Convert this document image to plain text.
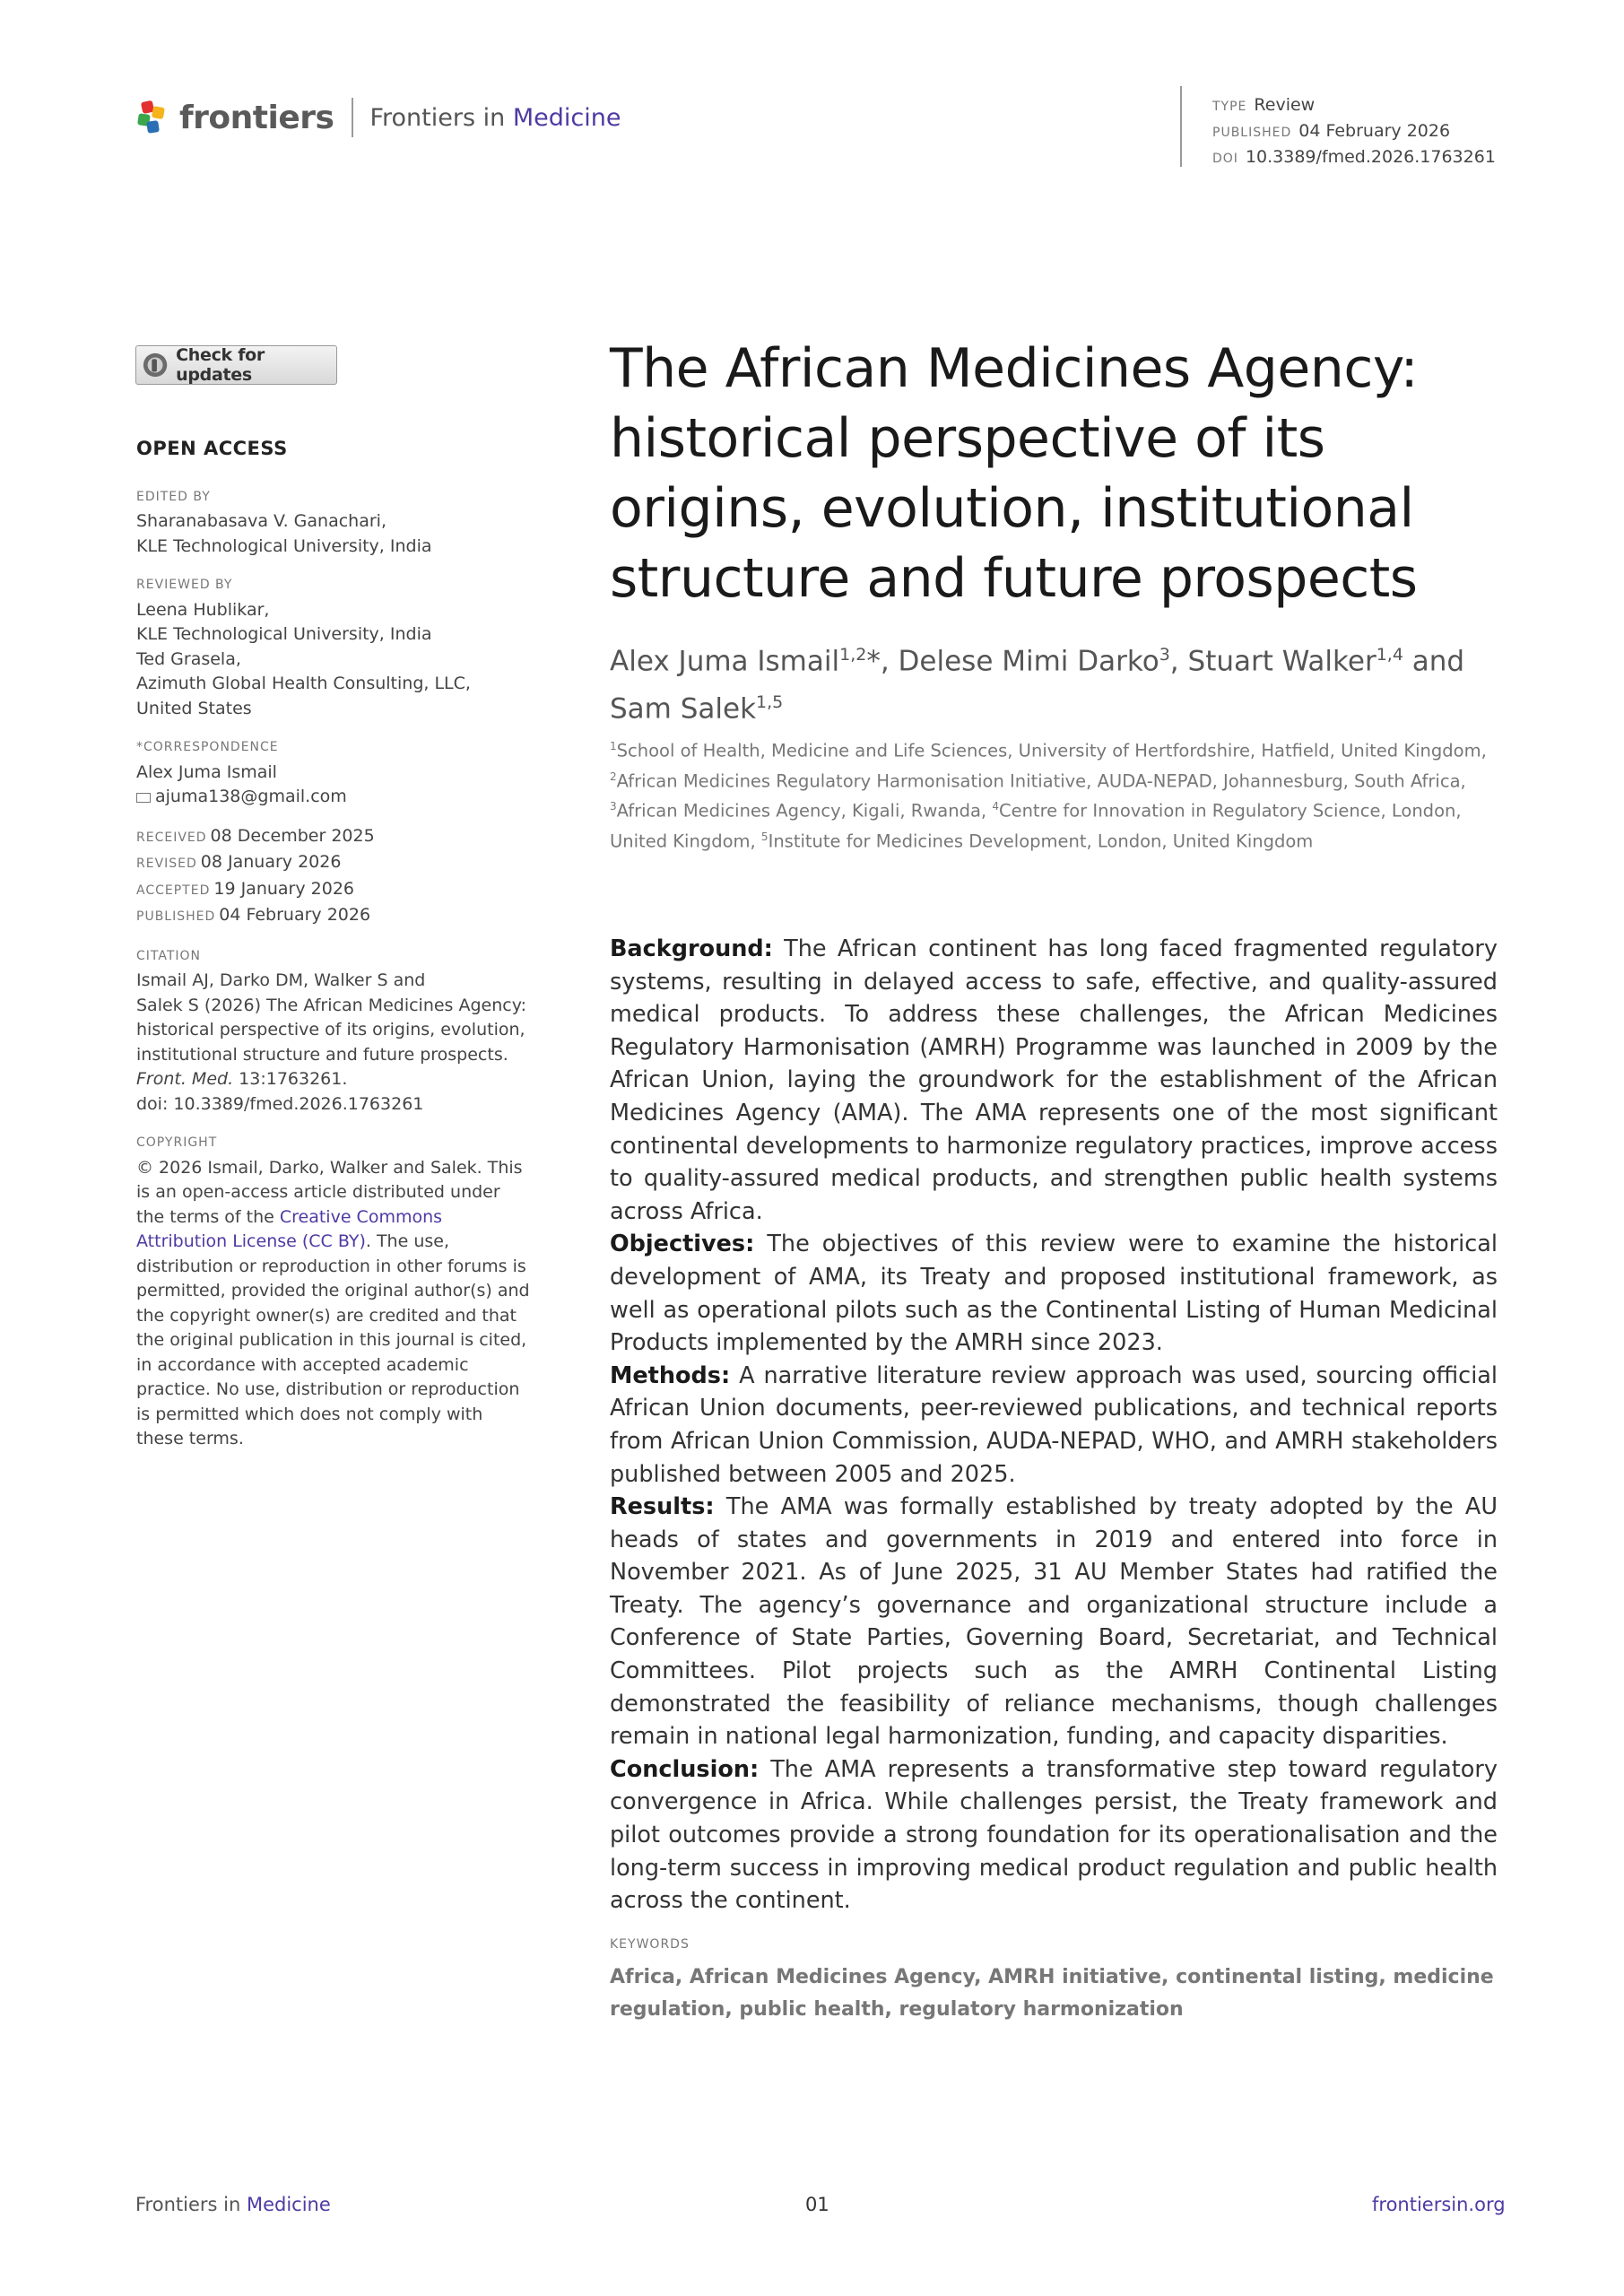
frontiers Frontiers in Medicine	TYPE Review
PUBLISHED 04 February 2026
DOI 10.3389/fmed.2026.1763261
Check for updates
OPEN ACCESS
EDITED BY
Sharanabasava V. Ganachari,
KLE Technological University, India
REVIEWED BY
Leena Hublikar,
KLE Technological University, India
Ted Grasela,
Azimuth Global Health Consulting, LLC,
United States
*CORRESPONDENCE
Alex Juma Ismail
ajuma138@gmail.com
RECEIVED 08 December 2025
REVISED 08 January 2026
ACCEPTED 19 January 2026
PUBLISHED 04 February 2026
CITATION
Ismail AJ, Darko DM, Walker S and
Salek S (2026) The African Medicines Agency:
historical perspective of its origins, evolution,
institutional structure and future prospects.
Front. Med. 13:1763261.
doi: 10.3389/fmed.2026.1763261
COPYRIGHT
© 2026 Ismail, Darko, Walker and Salek. This
is an open-access article distributed under
the terms of the Creative Commons
Attribution License (CC BY). The use,
distribution or reproduction in other forums is
permitted, provided the original author(s) and
the copyright owner(s) are credited and that
the original publication in this journal is cited,
in accordance with accepted academic
practice. No use, distribution or reproduction
is permitted which does not comply with
these terms.
The African Medicines Agency:
historical perspective of its
origins, evolution, institutional
structure and future prospects
Alex Juma Ismail$^{1,2}$*, Delese Mimi Darko$^3$, Stuart Walker$^{1,4}$ and
Sam Salek$^{1,5}$
$^1$School of Health, Medicine and Life Sciences, University of Hertfordshire, Hatfield, United Kingdom,
$^2$African Medicines Regulatory Harmonisation Initiative, AUDA-NEPAD, Johannesburg, South Africa,
$^3$African Medicines Agency, Kigali, Rwanda, $^4$Centre for Innovation in Regulatory Science, London,
United Kingdom, $^5$Institute for Medicines Development, London, United Kingdom

Background: The African continent has long faced fragmented regulatory systems, resulting in delayed access to safe, effective, and quality-assured medical products. To address these challenges, the African Medicines Regulatory Harmonisation (AMRH) Programme was launched in 2009 by the African Union, laying the groundwork for the establishment of the African Medicines Agency (AMA). The AMA represents one of the most significant continental developments to harmonize regulatory practices, improve access to quality-assured medical products, and strengthen public health systems across Africa.

Objectives: The objectives of this review were to examine the historical development of AMA, its Treaty and proposed institutional framework, as well as operational pilots such as the Continental Listing of Human Medicinal Products implemented by the AMRH since 2023.

Methods: A narrative literature review approach was used, sourcing official African Union documents, peer-reviewed publications, and technical reports from African Union Commission, AUDA-NEPAD, WHO, and AMRH stakeholders published between 2005 and 2025.

Results: The AMA was formally established by treaty adopted by the AU heads of states and governments in 2019 and entered into force in November 2021. As of June 2025, 31 AU Member States had ratified the Treaty. The agency’s governance and organizational structure include a Conference of State Parties, Governing Board, Secretariat, and Technical Committees. Pilot projects such as the AMRH Continental Listing demonstrated the feasibility of reliance mechanisms, though challenges remain in national legal harmonization, funding, and capacity disparities.

Conclusion: The AMA represents a transformative step toward regulatory convergence in Africa. While challenges persist, the Treaty framework and pilot outcomes provide a strong foundation for its operationalisation and the long-term success in improving medical product regulation and public health across the continent.

KEYWORDS
Africa, African Medicines Agency, AMRH initiative, continental listing, medicine regulation, public health, regulatory harmonization
Frontiers in Medicine	01	frontiersin.org
